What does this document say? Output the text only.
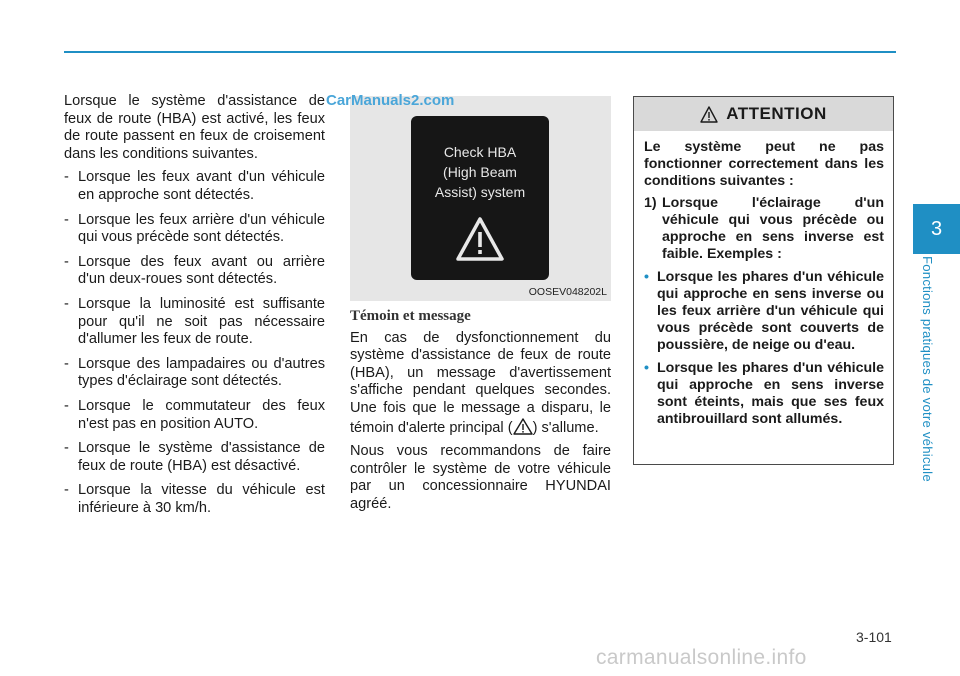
Lorsque le système d'assistance de feux de route (HBA) est activé, les feux de route passent en feux de croisement dans les conditions suivantes.

- Lorsque les feux avant d'un véhicule en approche sont détectés.
- Lorsque les feux arrière d'un véhicule qui vous précède sont détectés.
- Lorsque des feux avant ou arrière d'un deux-roues sont détectés.
- Lorsque la luminosité est suffisante pour qu'il ne soit pas nécessaire d'allumer les feux de route.
- Lorsque des lampadaires ou d'autres types d'éclairage sont détectés.
- Lorsque le commutateur des feux n'est pas en position AUTO.
- Lorsque le système d'assistance de feux de route (HBA) est désactivé.
- Lorsque la vitesse du véhicule est inférieure à 30 km/h.
Check HBA
(High Beam
Assist) system
OOSEV048202L
CarManuals2.com
Témoin et message

En cas de dysfonctionnement du système d'assistance de feux de route (HBA), un message d'avertissement s'affiche pendant quelques secondes. Une fois que le message a disparu, le témoin d'alerte principal ( ) s'allume.

Nous vous recommandons de faire contrôler le système de votre véhicule par un concessionnaire HYUNDAI agréé.

ATTENTION

Le système peut ne pas fonctionner correctement dans les conditions suivantes :

1) Lorsque l'éclairage d'un véhicule qui vous précède ou approche en sens inverse est faible. Exemples :
• Lorsque les phares d'un véhicule qui approche en sens inverse ou les feux arrière d'un véhicule qui vous précède sont couverts de poussière, de neige ou d'eau.
• Lorsque les phares d'un véhicule qui approche en sens inverse sont éteints, mais que ses feux antibrouillard sont allumés.
3
Fonctions pratiques de votre véhicule
3-101
carmanualsonline.info
